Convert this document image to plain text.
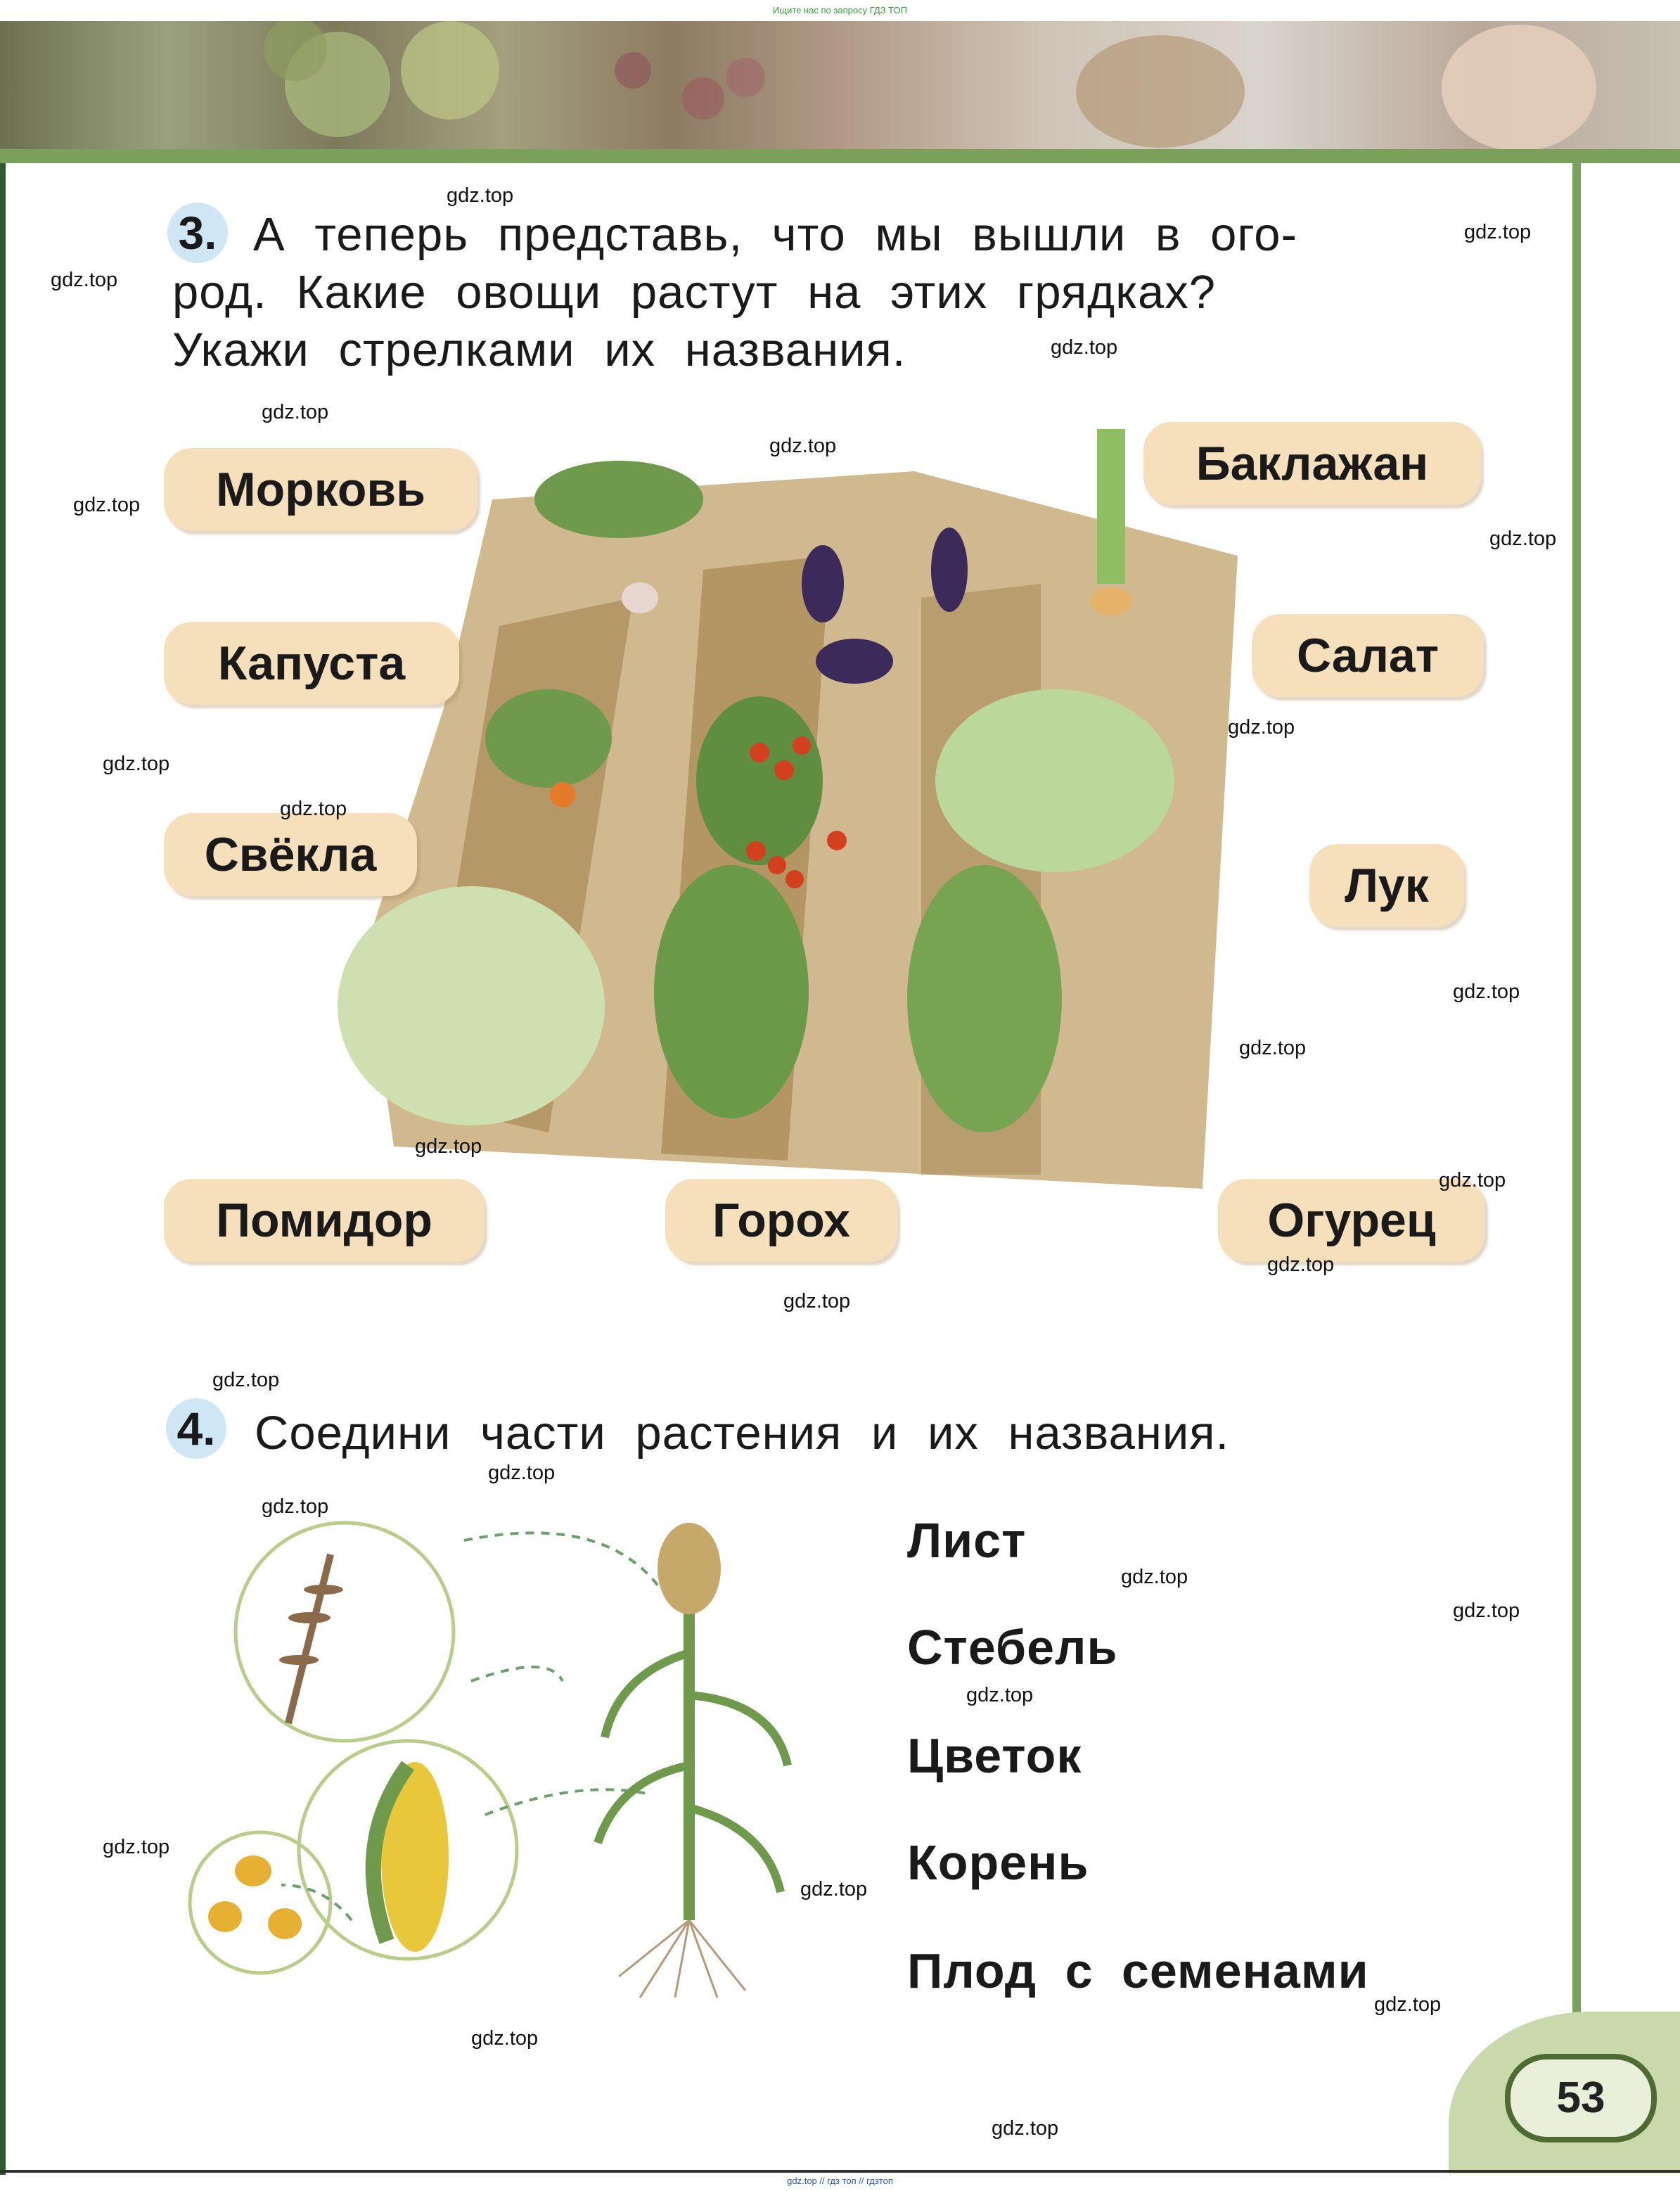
Ищите нас по запросу ГДЗ ТОП
3. А теперь представь, что мы вышли в ого-
род. Какие овощи растут на этих грядках?
Укажи стрелками их названия.
Морковь
Капуста
Свёкла
Помидор	Горох	Огурец
Баклажан
Салат
Лук
4. Соедини части растения и их названия.
Лист
Стебель
Цветок
Корень
Плод с семенами
53
gdz.top
gdz.top
gdz.top
gdz.top
gdz.top
gdz.top
gdz.top
gdz.top
gdz.top
gdz.top
gdz.top
gdz.top
gdz.top
gdz.top
gdz.top
gdz.top
gdz.top
gdz.top
gdz.top
gdz.top
gdz.top
gdz.top
gdz.top
gdz.top
gdz.top
gdz.top
gdz.top
gdz.top
gdz.top // гдз топ // гдзтоп
